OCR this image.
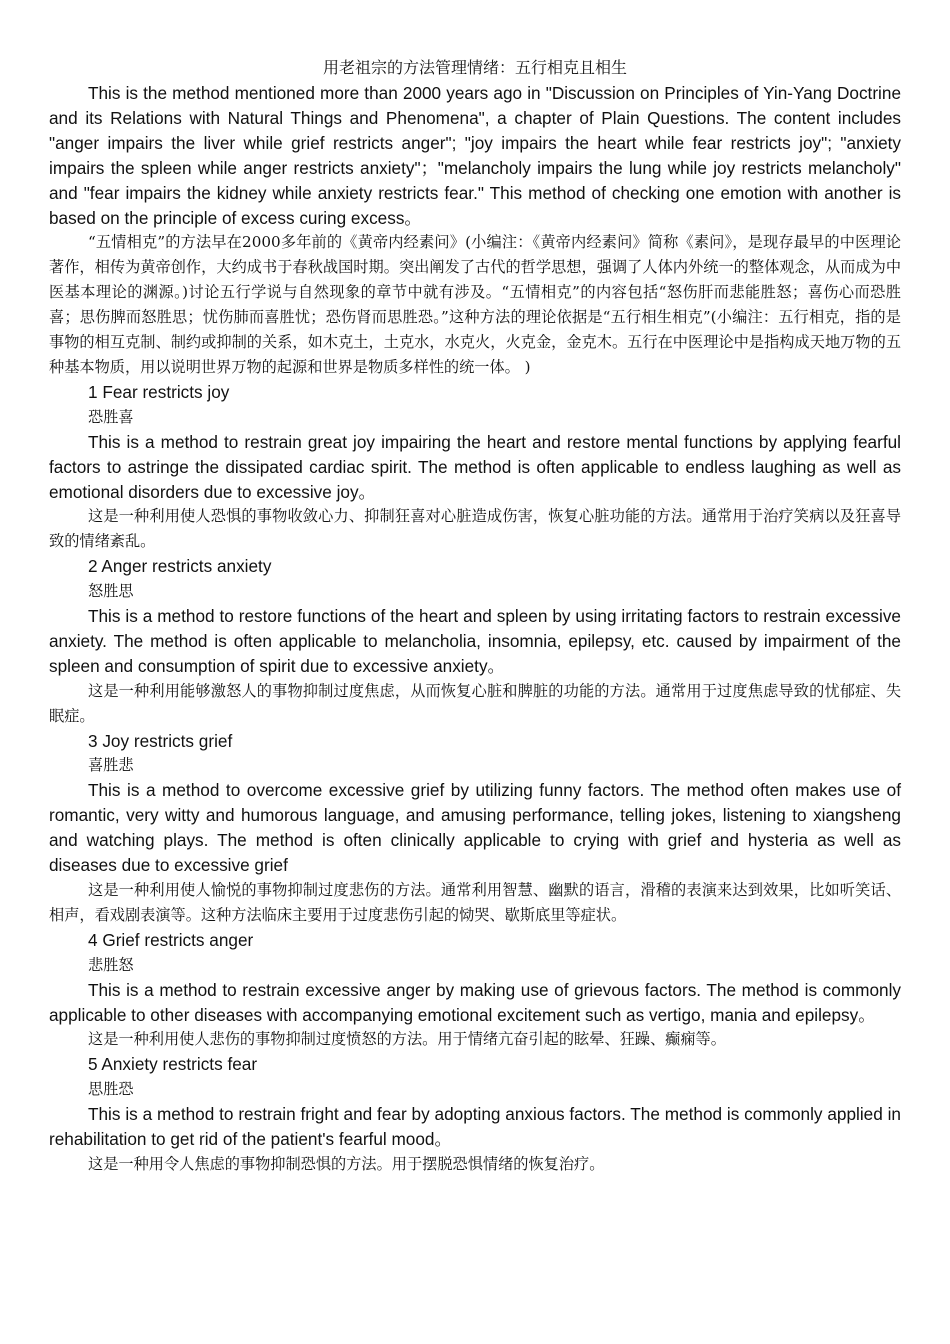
用老祖宗的方法管理情绪：五行相克且相生

This is the method mentioned more than 2000 years ago in "Discussion on Principles of Yin-Yang Doctrine and its Relations with Natural Things and Phenomena", a chapter of Plain Questions. The content includes "anger impairs the liver while grief restricts anger"; "joy impairs the heart while fear restricts joy"; "anxiety impairs the spleen while anger restricts anxiety"；"melancholy impairs the lung while joy restricts melancholy" and "fear impairs the kidney while anxiety restricts fear." This method of checking one emotion with another is based on the principle of excess curing excess。

“五情相克”的方法早在2000多年前的《黄帝内经素问》(小编注：《黄帝内经素问》简称《素问》，是现存最早的中医理论著作，相传为黄帝创作，大约成书于春秋战国时期。突出阐发了古代的哲学思想，强调了人体内外统一的整体观念，从而成为中医基本理论的渊源。)讨论五行学说与自然现象的章节中就有涉及。“五情相克”的内容包括“怒伤肝而悲能胜怒；喜伤心而恐胜喜；思伤脾而怒胜思；忧伤肺而喜胜忧；恐伤肾而思胜恐。”这种方法的理论依据是“五行相生相克”(小编注：五行相克，指的是事物的相互克制、制约或抑制的关系，如木克土，土克水，水克火，火克金，金克木。五行在中医理论中是指构成天地万物的五种基本物质，用以说明世界万物的起源和世界是物质多样性的统一体。 )

1 Fear restricts joy
恐胜喜

This is a method to restrain great joy impairing the heart and restore mental functions by applying fearful factors to astringe the dissipated cardiac spirit. The method is often applicable to endless laughing as well as emotional disorders due to excessive joy。

这是一种利用使人恐惧的事物收敛心力、抑制狂喜对心脏造成伤害，恢复心脏功能的方法。通常用于治疗笑病以及狂喜导致的情绪紊乱。

2 Anger restricts anxiety
怒胜思

This is a method to restore functions of the heart and spleen by using irritating factors to restrain excessive anxiety. The method is often applicable to melancholia, insomnia, epilepsy, etc. caused by impairment of the spleen and consumption of spirit due to excessive anxiety。

这是一种利用能够激怒人的事物抑制过度焦虑，从而恢复心脏和脾脏的功能的方法。通常用于过度焦虑导致的忧郁症、失眠症。

3 Joy restricts grief
喜胜悲

This is a method to overcome excessive grief by utilizing funny factors. The method often makes use of romantic, very witty and humorous language, and amusing performance, telling jokes, listening to xiangsheng and watching plays. The method is often clinically applicable to crying with grief and hysteria as well as diseases due to excessive grief

这是一种利用使人愉悦的事物抑制过度悲伤的方法。通常利用智慧、幽默的语言，滑稽的表演来达到效果，比如听笑话、相声，看戏剧表演等。这种方法临床主要用于过度悲伤引起的恸哭、歇斯底里等症状。

4 Grief restricts anger
悲胜怒

This is a method to restrain excessive anger by making use of grievous factors. The method is commonly applicable to other diseases with accompanying emotional excitement such as vertigo, mania and epilepsy。

这是一种利用使人悲伤的事物抑制过度愤怒的方法。用于情绪亢奋引起的眩晕、狂躁、癫痫等。

5 Anxiety restricts fear
思胜恐

This is a method to restrain fright and fear by adopting anxious factors. The method is commonly applied in rehabilitation to get rid of the patient's fearful mood。

这是一种用令人焦虑的事物抑制恐惧的方法。用于摆脱恐惧情绪的恢复治疗。
